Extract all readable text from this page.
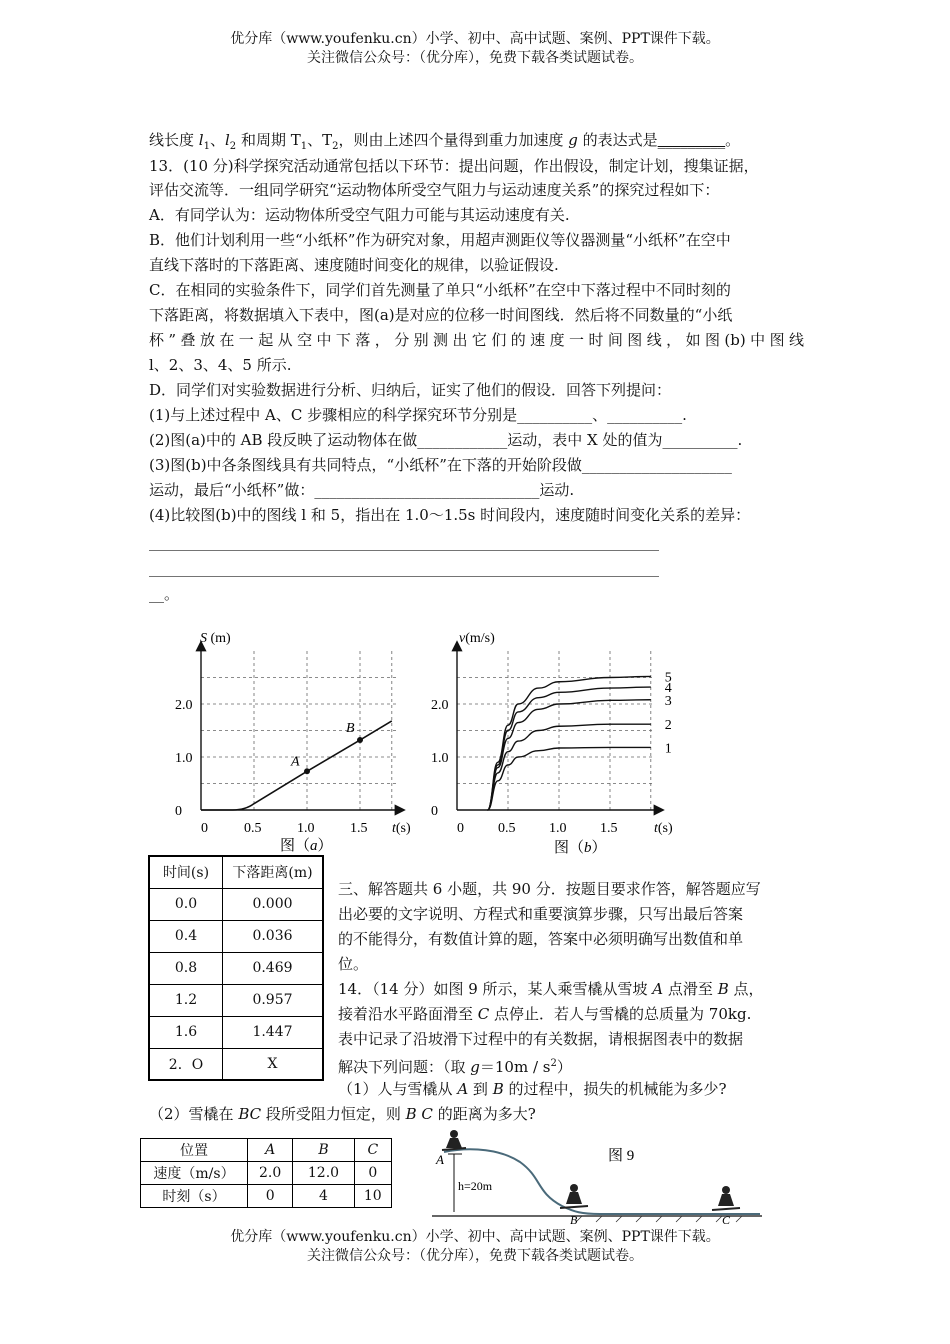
优分库（www.youfenku.cn）小学、初中、高中试题、案例、PPT课件下载。
关注微信公众号：（优分库），免费下载各类试题试卷。
线长度 $l_1$、$l_2$ 和周期 $T_1$、$T_2$，则由上述四个量得到重力加速度 g 的表达式是_________。
13．(10 分)科学探究活动通常包括以下环节：提出问题，作出假设，制定计划，搜集证据，
评估交流等．一组同学研究“运动物体所受空气阻力与运动速度关系”的探究过程如下：
A．有同学认为：运动物体所受空气阻力可能与其运动速度有关.
B．他们计划利用一些“小纸杯”作为研究对象，用超声测距仪等仪器测量“小纸杯”在空中
直线下落时的下落距离、速度随时间变化的规律，以验证假设.
C．在相同的实验条件下，同学们首先测量了单只“小纸杯”在空中下落过程中不同时刻的
下落距离，将数据填入下表中，图(a)是对应的位移一时间图线．然后将不同数量的“小纸
杯”叠放在一起从空中下落，分别测出它们的速度一时间图线，如图(b)中图线
l、2、3、4、5 所示.
D．同学们对实验数据进行分析、归纳后，证实了他们的假设．回答下列提问：
(1)与上述过程中 A、C 步骤相应的科学探究环节分别是__________、__________.
(2)图(a)中的 AB 段反映了运动物体在做____________运动，表中 X 处的值为__________.
(3)图(b)中各条图线具有共同特点，“小纸杯”在下落的开始阶段做____________________
运动，最后“小纸杯”做：______________________________运动.
(4)比较图(b)中的图线 l 和 5，指出在 1.0～1.5s 时间段内，速度随时间变化关系的差异：
____________________________________________________________________
____________________________________________________________________
__。
0
1.0
2.0
0	0.5	1.0	1.5
A
B
S (m)
t(s)
图（a）
0
1.0
2.0
0 0.5 1.0 1.5
1
2
3
4
5
v(m/s)
t(s)
图（b）
时间(s)	下落距离(m)
0.0	0.000
0.4	0.036
0.8	0.469
1.2	0.957
1.6	1.447
2．O	X
三、解答题共 6 小题，共 90 分．按题目要求作答，解答题应写
出必要的文字说明、方程式和重要演算步骤，只写出最后答案
的不能得分，有数值计算的题，答案中必须明确写出数值和单
位。
14．（14 分）如图 9 所示，某人乘雪橇从雪坡 A 点滑至 B 点，
接着沿水平路面滑至 C 点停止．若人与雪橇的总质量为 70kg.
表中记录了沿坡滑下过程中的有关数据，请根据图表中的数据
解决下列问题：（取 $g=10m / s^2$）
（1）人与雪橇从 A 到 B 的过程中，损失的机械能为多少?
（2）雪橇在 BC 段所受阻力恒定，则 B C 的距离为多大?
位置	A	B	C
速度（m/s）	2.0	12.0	0
时刻（s）	0	4	10
A
h=20m
B	C
图 9
优分库（www.youfenku.cn）小学、初中、高中试题、案例、PPT课件下载。
关注微信公众号：（优分库），免费下载各类试题试卷。
